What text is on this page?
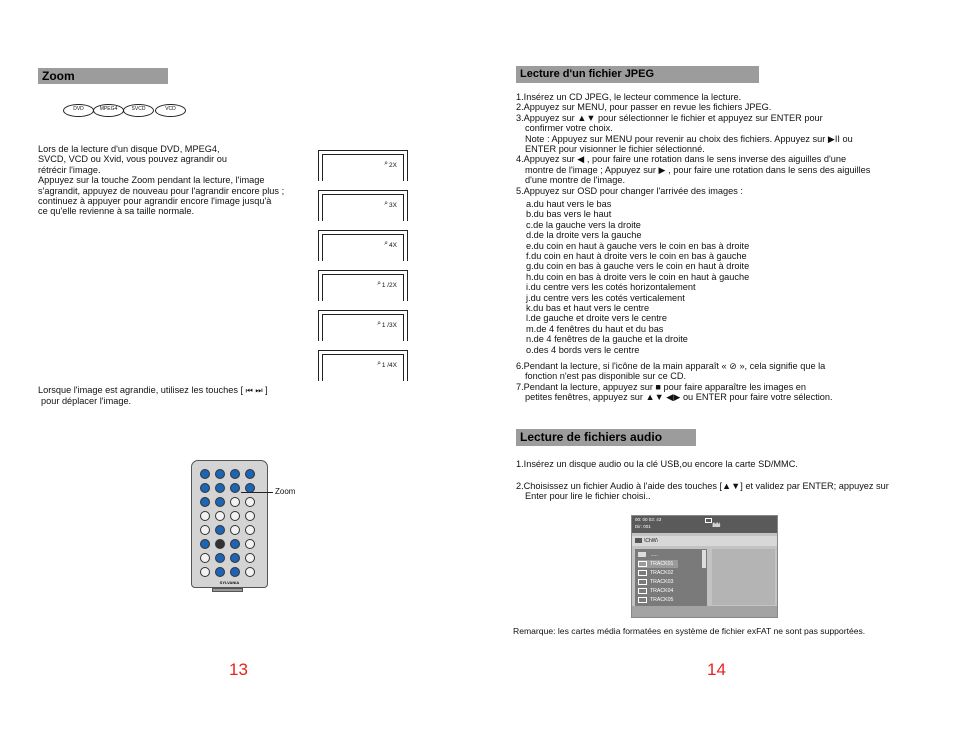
Zoom
DVD	MPEG4	SVCD	VCD
Lors de la lecture d'un disque DVD, MPEG4,
SVCD, VCD ou Xvid, vous pouvez agrandir ou
rétrécir l'image.
Appuyez sur la touche Zoom pendant la lecture, l'image
s'agrandit, appuyez de nouveau pour l'agrandir encore plus ;
continuez à appuyer pour agrandir encore l'image jusqu'à
ce qu'elle revienne à sa taille normale.
⌕ 2X
⌕ 3X
⌕ 4X
⌕ 1 /2X
⌕ 1 /3X
⌕ 1 /4X
Lorsque l'image est agrandie, utilisez les touches [ ⏮ ⏭ ]
pour déplacer l'image.
SYLVANIA
Zoom
13
Lecture d'un fichier JPEG
1.Insérez un CD JPEG, le lecteur commence la lecture.
2.Appuyez sur MENU, pour passer en revue les fichiers JPEG.
3.Appuyez sur ▲▼ pour sélectionner le fichier et appuyez sur ENTER pour
confirmer votre choix.
Note : Appuyez sur MENU pour revenir au choix des fichiers. Appuyez sur ▶II ou
ENTER pour visionner le fichier sélectionné.
4.Appuyez sur ◀ , pour faire une rotation dans le sens inverse des aiguilles d'une
montre de l'image ; Appuyez sur ▶ , pour faire une rotation dans le sens des aiguilles
d'une montre de l'image.
5.Appuyez sur OSD pour changer l'arrivée des images :
a.du haut vers le bas
b.du bas vers le haut
c.de la gauche vers la droite
d.de la droite vers la gauche
e.du coin en haut à gauche vers le coin en bas à droite
f.du coin en haut à droite vers le coin en bas à gauche
g.du coin en bas à gauche vers le coin en haut à droite
h.du coin en bas à droite vers le coin en haut à gauche
i.du centre vers les cotés horizontalement
j.du centre vers les cotés verticalement
k.du bas et haut vers le centre
l.de gauche et droite vers le centre
m.de 4 fenêtres du haut et du bas
n.de 4 fenêtres de la gauche et la droite
o.des 4 bords vers le centre
6.Pendant la lecture, si l'icône de la main apparaît « ⊘ », cela signifie que la
fonction n'est pas disponible sur ce CD.
7.Pendant la lecture, appuyez sur ■ pour faire apparaître les images en
petites fenêtres, appuyez sur ▲▼ ◀▶ ou ENTER pour faire votre sélection.
Lecture de fichiers audio
1.Insérez un disque audio ou la clé USB,ou encore la carte SD/MMC.
2.Choisissez un fichier Audio à l'aide des touches [▲▼] et validez par ENTER; appuyez sur
Enter pour lire le fichier choisi..
00: 00 03: 43
Dir: 001	ıllılıılıllıılı
\ChW\
.....
TRACK01
TRACK02
TRACK03
TRACK04
TRACK05
Remarque: les cartes média formatées en système de fichier exFAT ne sont pas supportées.
14
